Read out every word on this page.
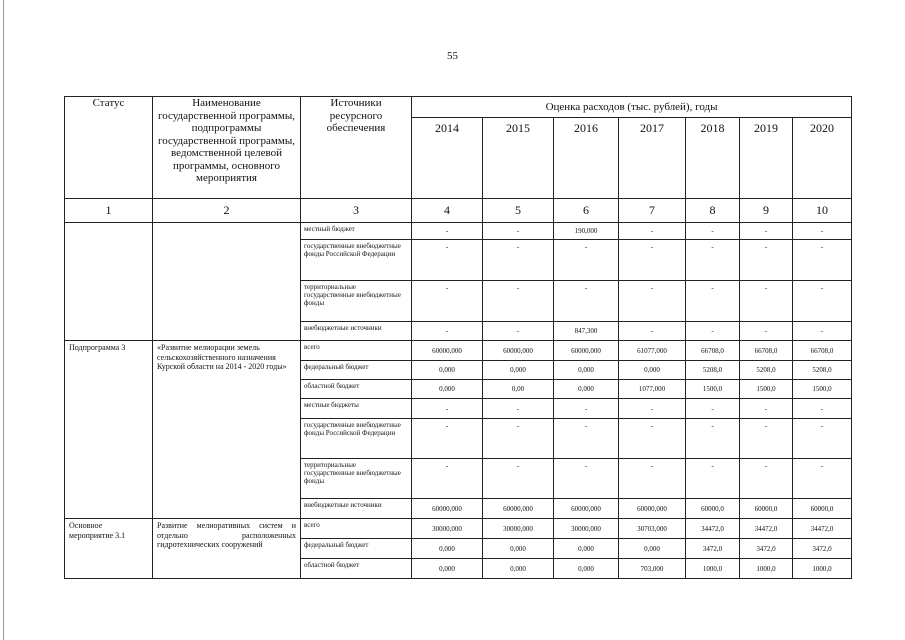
55
Статус	Наименование государственной программы, подпрограммы государственной программы, ведомственной целевой программы, основного мероприятия	Источники ресурсного обеспечения	Оценка расходов (тыс. рублей), годы						
			2014	2015	2016	2017	2018	2019	2020
1	2	3	4	5	6	7	8	9	10
		местный бюджет	-	-	190,000	-	-	-	-
		государственные внебюджетные фонды Российской Федерации	-	-	-	-	-	-	-
		территориальные государственные внебюджетные фонды	-	-	-	-	-	-	-
		внебюджетные источники	-	-	847,300	-	-	-	-
Подпрограмма 3	«Развитие мелиорации земель сельскохозяйственного назначения Курской области на 2014 - 2020 годы»	всего	60000,000	60000,000	60000,000	61077,000	66708,0	66708,0	66708,0
		федеральный бюджет	0,000	0,000	0,000	0,000	5208,0	5208,0	5208,0
		областной бюджет	0,000	0,00	0,000	1077,000	1500,0	1500,0	1500,0
		местные бюджеты	-	-	-	-	-	-	-
		государственные внебюджетные фонды Российской Федерации	-	-	-	-	-	-	-
		территориальные государственные внебюджетные фонды	-	-	-	-	-	-	-
		внебюджетные источники	60000,000	60000,000	60000,000	60000,000	60000,0	60000,0	60000,0
Основное мероприятие 3.1	Развитие мелиоративных систем и отдельно расположенных гидротехнических сооружений	всего	30000,000	30000,000	30000,000	30703,000	34472,0	34472,0	34472,0
		федеральный бюджет	0,000	0,000	0,000	0,000	3472,0	3472,0	3472,0
		областной бюджет	0,000	0,000	0,000	703,000	1000,0	1000,0	1000,0
